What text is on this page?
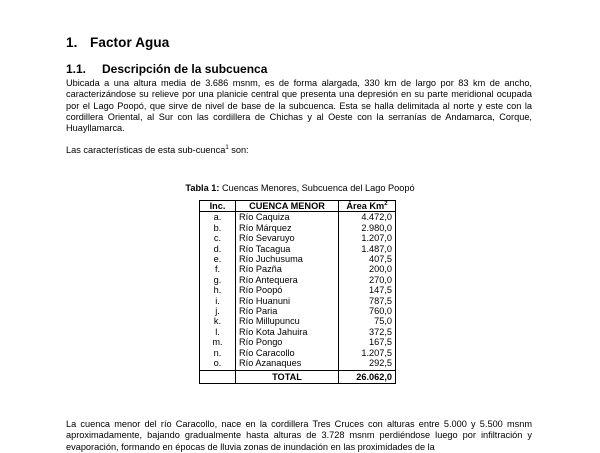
1. Factor Agua
1.1. Descripción de la subcuenca
Ubicada a una altura media de 3.686 msnm, es de forma alargada, 330 km de largo por 83 km de ancho, caracterizándose su relieve por una planicie central que presenta una depresión en su parte meridional ocupada por el Lago Poopó, que sirve de nivel de base de la subcuenca. Esta se halla delimitada al norte y este con la cordillera Oriental, al Sur con las cordillera de Chichas y al Oeste con la serranías de Andamarca, Corque, Huayllamarca.
Las características de esta sub-cuenca$^1$ son:
Tabla 1: Cuencas Menores, Subcuenca del Lago Poopó
Inc.	CUENCA MENOR	Área Km$^2$
a.	Río Caquiza	4.472,0
b.	Río Márquez	2.980,0
c.	Río Sevaruyo	1.207,0
d.	Río Tacagua	1.487,0
e.	Río Juchusuma	407,5
f.	Río Pazña	200,0
g.	Río Antequera	270,0
h.	Río Poopó	147,5
i.	Río Huanuni	787,5
j.	Río Paria	760,0
k.	Río Millupuncu	75,0
l.	Río Kota Jahuira	372,5
m.	Río Pongo	167,5
n.	Río Caracollo	1.207,5
o.	Río Azanaques	292,5
	TOTAL	26.062,0
La cuenca menor del río Caracollo, nace en la cordillera Tres Cruces con alturas entre 5.000 y 5.500 msnm aproximadamente, bajando gradualmente hasta alturas de 3.728 msnm perdiéndose luego por infiltración y evaporación, formando en épocas de lluvia zonas de inundación en las proximidades de la
